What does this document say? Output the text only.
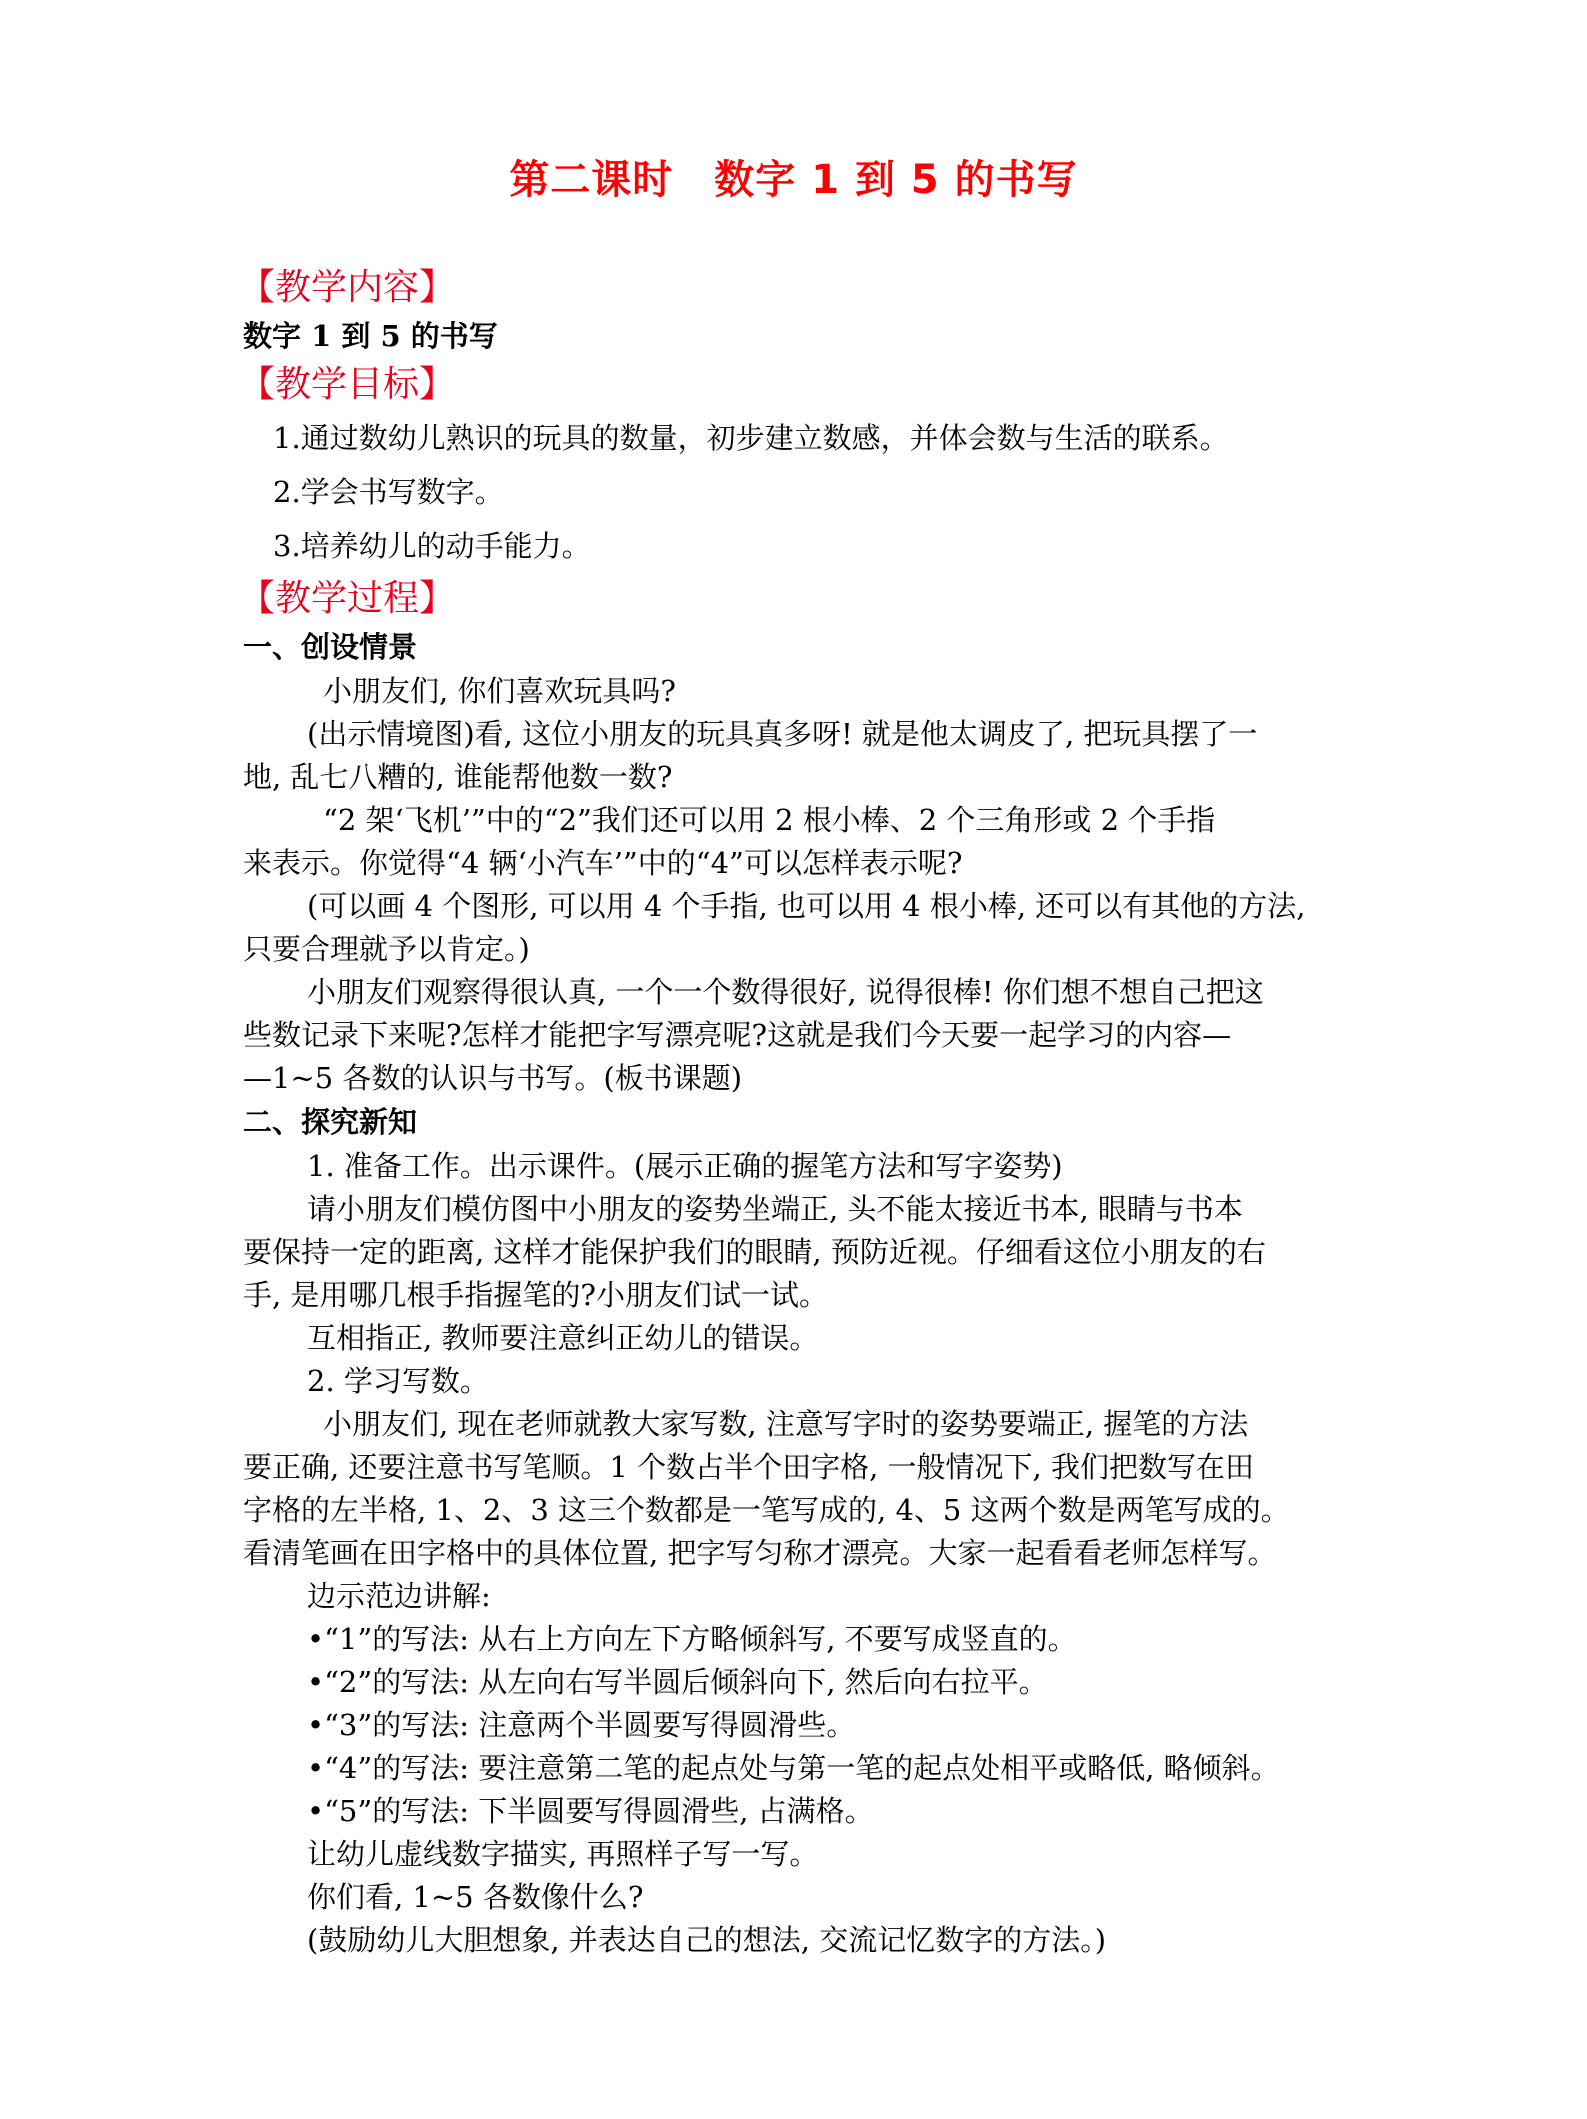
第二课时　数字 1 到 5 的书写
【教学内容】
数字 1 到 5 的书写
【教学目标】
1.通过数幼儿熟识的玩具的数量，初步建立数感，并体会数与生活的联系。
2.学会书写数字。
3.培养幼儿的动手能力。
【教学过程】
一、创设情景
小朋友们, 你们喜欢玩具吗?
(出示情境图)看, 这位小朋友的玩具真多呀! 就是他太调皮了, 把玩具摆了一
地, 乱七八糟的, 谁能帮他数一数?
“2 架‘飞机’”中的“2”我们还可以用 2 根小棒、2 个三角形或 2 个手指
来表示。你觉得“4 辆‘小汽车’”中的“4”可以怎样表示呢?
(可以画 4 个图形, 可以用 4 个手指, 也可以用 4 根小棒, 还可以有其他的方法,
只要合理就予以肯定。)
小朋友们观察得很认真, 一个一个数得很好, 说得很棒! 你们想不想自己把这
些数记录下来呢?怎样才能把字写漂亮呢?这就是我们今天要一起学习的内容—
—1~5 各数的认识与书写。(板书课题)
二、探究新知
1. 准备工作。出示课件。(展示正确的握笔方法和写字姿势)
请小朋友们模仿图中小朋友的姿势坐端正, 头不能太接近书本, 眼睛与书本
要保持一定的距离, 这样才能保护我们的眼睛, 预防近视。仔细看这位小朋友的右
手, 是用哪几根手指握笔的?小朋友们试一试。
互相指正, 教师要注意纠正幼儿的错误。
2. 学习写数。
小朋友们, 现在老师就教大家写数, 注意写字时的姿势要端正, 握笔的方法
要正确, 还要注意书写笔顺。1 个数占半个田字格, 一般情况下, 我们把数写在田
字格的左半格, 1、2、3 这三个数都是一笔写成的, 4、5 这两个数是两笔写成的。
看清笔画在田字格中的具体位置, 把字写匀称才漂亮。大家一起看看老师怎样写。
边示范边讲解:
•“1”的写法: 从右上方向左下方略倾斜写, 不要写成竖直的。
•“2”的写法: 从左向右写半圆后倾斜向下, 然后向右拉平。
•“3”的写法: 注意两个半圆要写得圆滑些。
•“4”的写法: 要注意第二笔的起点处与第一笔的起点处相平或略低, 略倾斜。
•“5”的写法: 下半圆要写得圆滑些, 占满格。
让幼儿虚线数字描实, 再照样子写一写。
你们看, 1~5 各数像什么?
(鼓励幼儿大胆想象, 并表达自己的想法, 交流记忆数字的方法。)
